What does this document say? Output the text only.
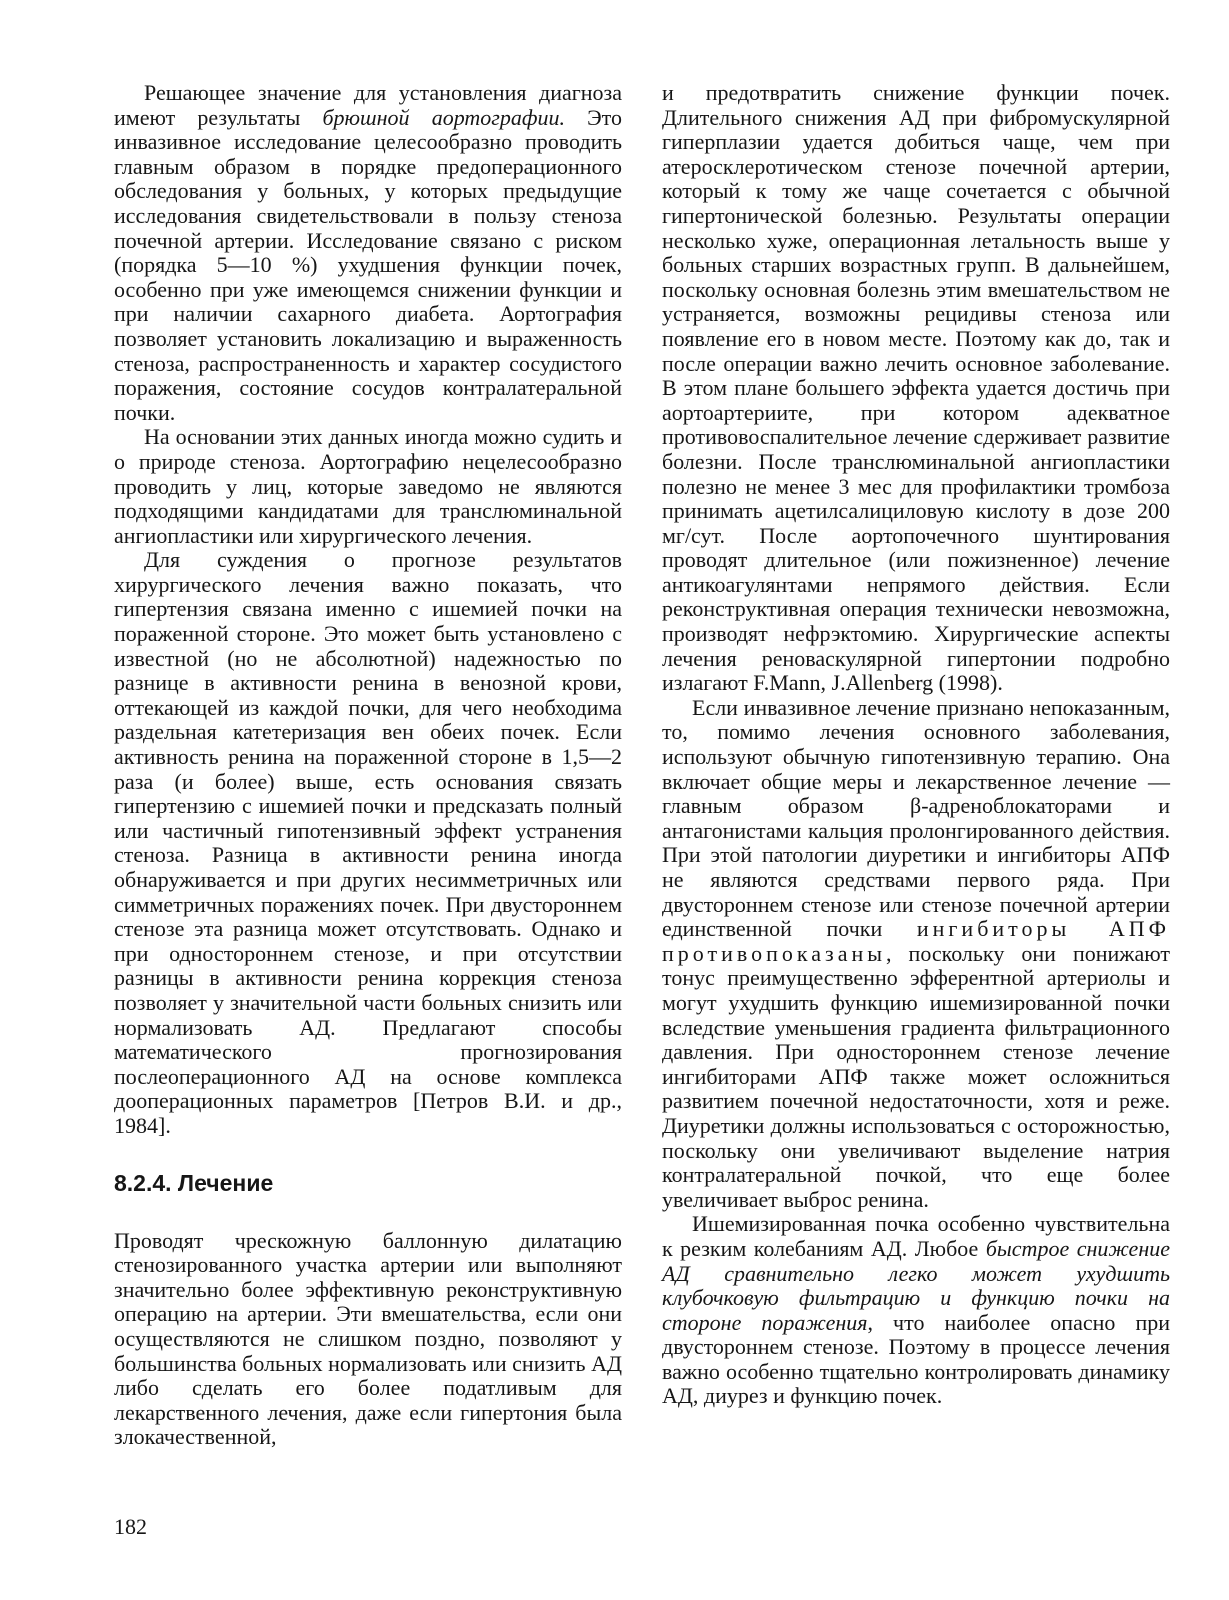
Решающее значение для установления диагноза имеют результаты брюшной аортографии. Это инвазивное исследование целесообразно проводить главным образом в порядке предоперационного обследования у больных, у которых предыдущие исследования свидетельствовали в пользу стеноза почечной артерии. Исследование связано с риском (порядка 5—10 %) ухудшения функции почек, особенно при уже имеющемся снижении функции и при наличии сахарного диабета. Аортография позволяет установить локализацию и выраженность стеноза, распространенность и характер сосудистого поражения, состояние сосудов контралатеральной почки.

На основании этих данных иногда можно судить и о природе стеноза. Аортографию нецелесообразно проводить у лиц, которые заведомо не являются подходящими кандидатами для транслюминальной ангиопластики или хирургического лечения.

Для суждения о прогнозе результатов хирургического лечения важно показать, что гипертензия связана именно с ишемией почки на пораженной стороне. Это может быть установлено с известной (но не абсолютной) надежностью по разнице в активности ренина в венозной крови, оттекающей из каждой почки, для чего необходима раздельная катетеризация вен обеих почек. Если активность ренина на пораженной стороне в 1,5—2 раза (и более) выше, есть основания связать гипертензию с ишемией почки и предсказать полный или частичный гипотензивный эффект устранения стеноза. Разница в активности ренина иногда обнаруживается и при других несимметричных или симметричных поражениях почек. При двустороннем стенозе эта разница может отсутствовать. Однако и при одностороннем стенозе, и при отсутствии разницы в активности ренина коррекция стеноза позволяет у значительной части больных снизить или нормализовать АД. Предлагают способы математического прогнозирования послеоперационного АД на основе комплекса дооперационных параметров [Петров В.И. и др., 1984].

8.2.4. Лечение

Проводят чрескожную баллонную дилатацию стенозированного участка артерии или выполняют значительно более эффективную реконструктивную операцию на артерии. Эти вмешательства, если они осуществляются не слишком поздно, позволяют у большинства больных нормализовать или снизить АД либо сделать его более податливым для лекарственного лечения, даже если гипертония была злокачественной,

и предотвратить снижение функции почек. Длительного снижения АД при фибромускулярной гиперплазии удается добиться чаще, чем при атеросклеротическом стенозе почечной артерии, который к тому же чаще сочетается с обычной гипертонической болезнью. Результаты операции несколько хуже, операционная летальность выше у больных старших возрастных групп. В дальнейшем, поскольку основная болезнь этим вмешательством не устраняется, возможны рецидивы стеноза или появление его в новом месте. Поэтому как до, так и после операции важно лечить основное заболевание. В этом плане большего эффекта удается достичь при аортоартериите, при котором адекватное противовоспалительное лечение сдерживает развитие болезни. После транслюминальной ангиопластики полезно не менее 3 мес для профилактики тромбоза принимать ацетилсалициловую кислоту в дозе 200 мг/сут. После аортопочечного шунтирования проводят длительное (или пожизненное) лечение антикоагулянтами непрямого действия. Если реконструктивная операция технически невозможна, производят нефрэктомию. Хирургические аспекты лечения реноваскулярной гипертонии подробно излагают F.Mann, J.Allenberg (1998).

Если инвазивное лечение признано непоказанным, то, помимо лечения основного заболевания, используют обычную гипотензивную терапию. Она включает общие меры и лекарственное лечение — главным образом β-адреноблокаторами и антагонистами кальция пролонгированного действия. При этой патологии диуретики и ингибиторы АПФ не являются средствами первого ряда. При двустороннем стенозе или стенозе почечной артерии единственной почки ингибиторы АПФ противопоказаны, поскольку они понижают тонус преимущественно эфферентной артериолы и могут ухудшить функцию ишемизированной почки вследствие уменьшения градиента фильтрационного давления. При одностороннем стенозе лечение ингибиторами АПФ также может осложниться развитием почечной недостаточности, хотя и реже. Диуретики должны использоваться с осторожностью, поскольку они увеличивают выделение натрия контралатеральной почкой, что еще более увеличивает выброс ренина.

Ишемизированная почка особенно чувствительна к резким колебаниям АД. Любое быстрое снижение АД сравнительно легко может ухудшить клубочковую фильтрацию и функцию почки на стороне поражения, что наиболее опасно при двустороннем стенозе. Поэтому в процессе лечения важно особенно тщательно контролировать динамику АД, диурез и функцию почек.

182
